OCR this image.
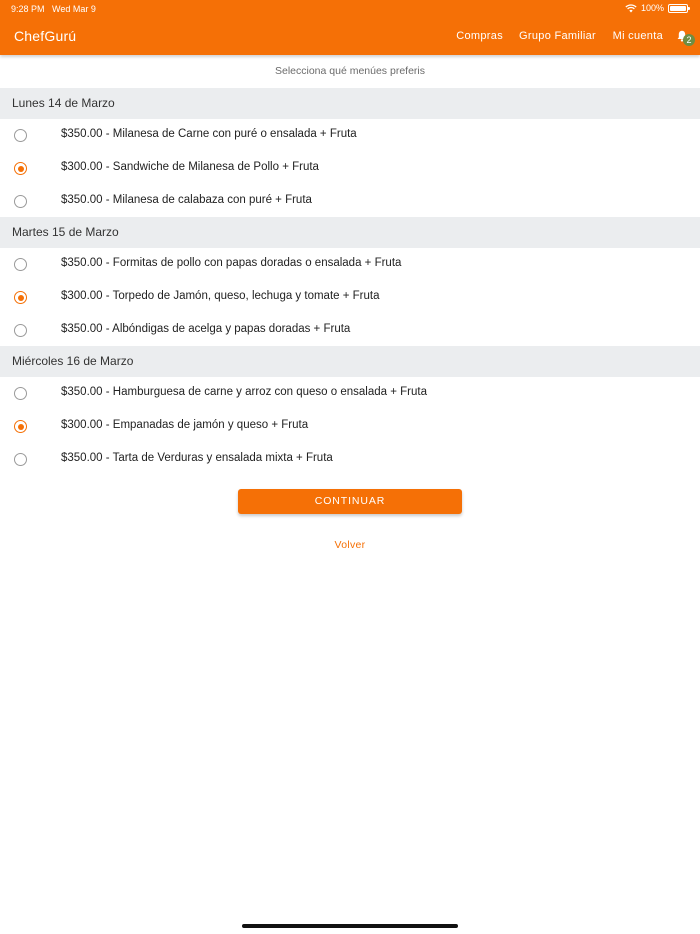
9:28 PM Wed Mar 9	100%
ChefGurú	Compras Grupo Familiar Mi cuenta	2
Selecciona qué menúes preferis
Lunes 14 de Marzo
$350.00 - Milanesa de Carne con puré o ensalada + Fruta
$300.00 - Sandwiche de Milanesa de Pollo + Fruta
$350.00 - Milanesa de calabaza con puré + Fruta
Martes 15 de Marzo
$350.00 - Formitas de pollo con papas doradas o ensalada + Fruta
$300.00 - Torpedo de Jamón, queso, lechuga y tomate + Fruta
$350.00 - Albóndigas de acelga y papas doradas + Fruta
Miércoles 16 de Marzo
$350.00 - Hamburguesa de carne y arroz con queso o ensalada + Fruta
$300.00 - Empanadas de jamón y queso + Fruta
$350.00 - Tarta de Verduras y ensalada mixta + Fruta
CONTINUAR
Volver
